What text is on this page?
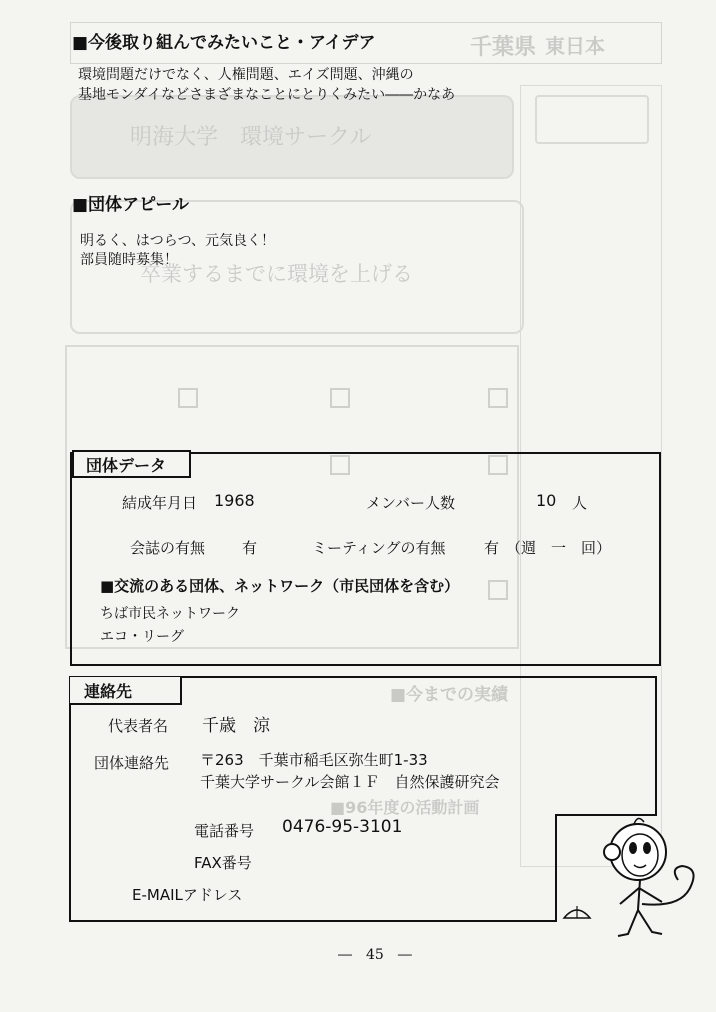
千葉県 東日本
明海大学　環境サークル
卒業するまでに環境を上げる
■今までの実績
■96年度の活動計画
■今後取り組んでみたいこと・アイデア
環境問題だけでなく、人権問題、エイズ問題、沖縄の
基地モンダイなどさまざまなことにとりくみたい――かなあ
■団体アピール
明るく、はつらつ、元気良く！
部員随時募集！
団体データ
結成年月日 1968	メンバー人数	10 人
会誌の有無 有	ミーティングの有無	有 （週　一　回）
■交流のある団体、ネットワーク（市民団体を含む）
ちば市民ネットワーク
エコ・リーグ
連絡先
代表者名 千歳　涼
団体連絡先 〒263　千葉市稲毛区弥生町1-33
千葉大学サークル会館１Ｆ　自然保護研究会
電話番号 0476-95-3101
FAX番号
E-MAILアドレス
―　45　―
